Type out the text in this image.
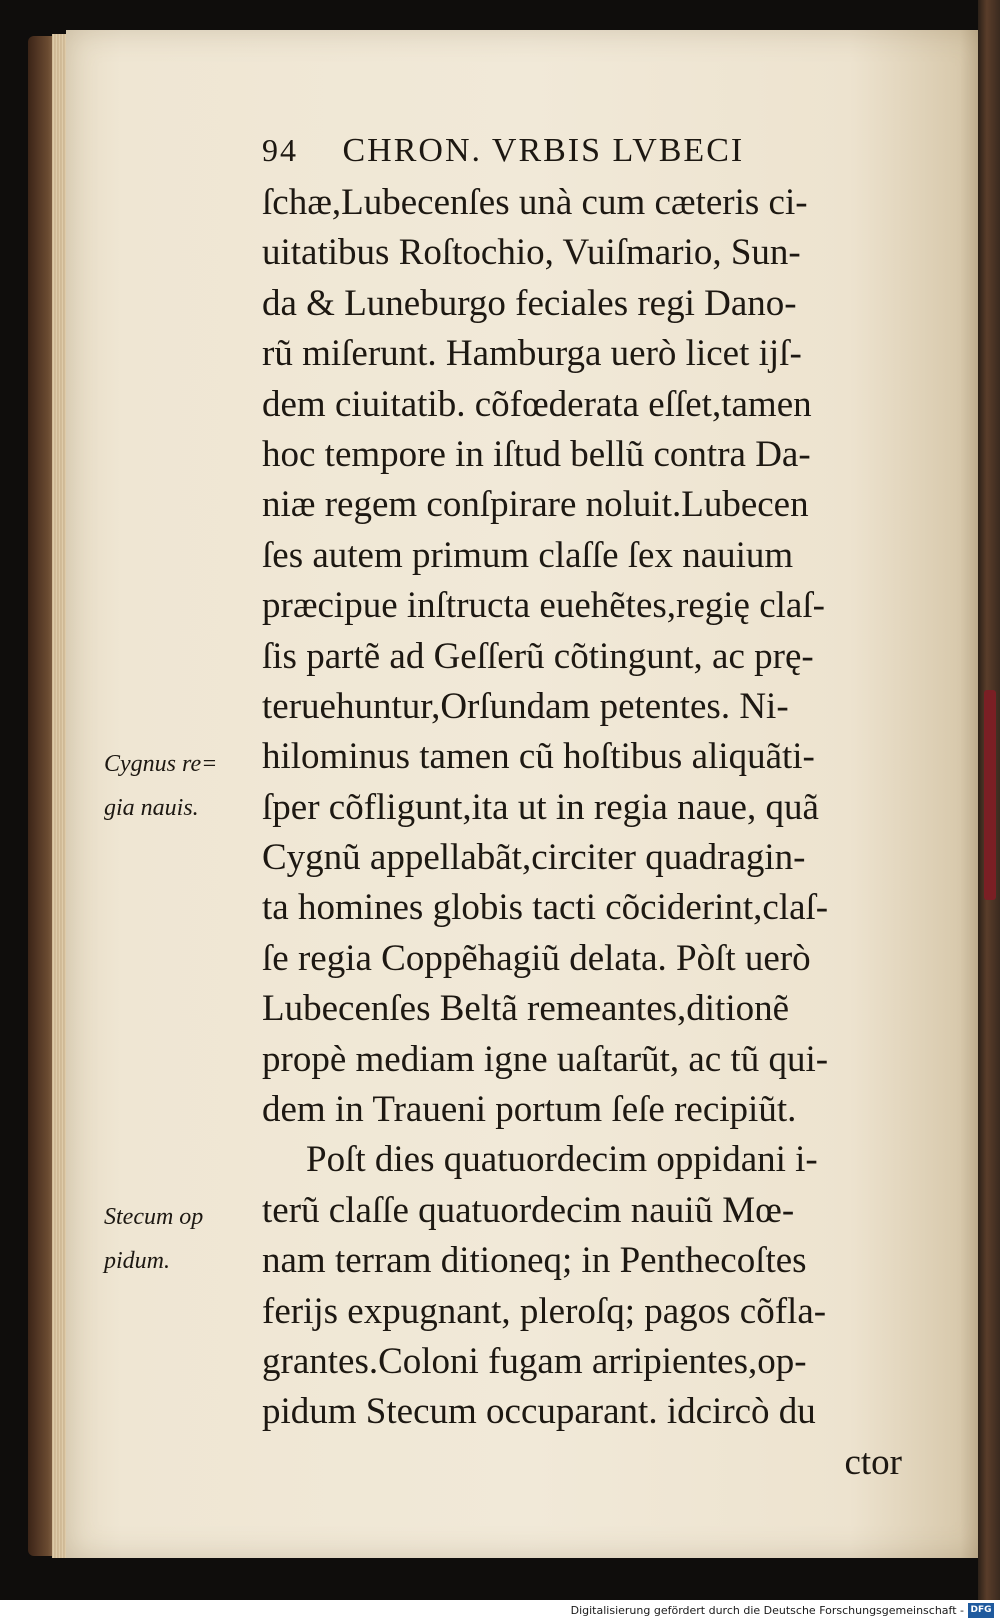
94 CHRON. VRBIS LVBECI
ſchæ,Lubecenſes unà cum cæteris ci-
uitatibus Roſtochio, Vuiſmario, Sun-
da & Luneburgo feciales regi Dano-
rũ miſerunt. Hamburga uerò licet ijſ-
dem ciuitatib. cõfœderata eſſet,tamen
hoc tempore in iſtud bellũ contra Da-
niæ regem conſpirare noluit.Lubecen
ſes autem primum claſſe ſex nauium
præcipue inſtructa euehẽtes,regię claſ-
ſis partẽ ad Geſſerũ cõtingunt, ac prę-
teruehuntur,Orſundam petentes. Ni-
hilominus tamen cũ hoſtibus aliquãti-
ſper cõfligunt,ita ut in regia naue, quã
Cygnũ appellabãt,circiter quadragin-
ta homines globis tacti cõciderint,claſ-
ſe regia Coppẽhagiũ delata. Pòſt uerò
Lubecenſes Beltã remeantes,ditionẽ
propè mediam igne uaſtarũt, ac tũ qui-
dem in Traueni portum ſeſe recipiũt.
Poſt dies quatuordecim oppidani i-
terũ claſſe quatuordecim nauiũ Mœ-
nam terram ditioneq; in Penthecoſtes
ferijs expugnant, pleroſq; pagos cõfla-
grantes.Coloni fugam arripientes,op-
pidum Stecum occuparant. idcircò du
ctor
Cygnus re=
gia nauis.
Stecum op
pidum.
Digitalisierung gefördert durch die Deutsche Forschungsgemeinschaft - DFG
